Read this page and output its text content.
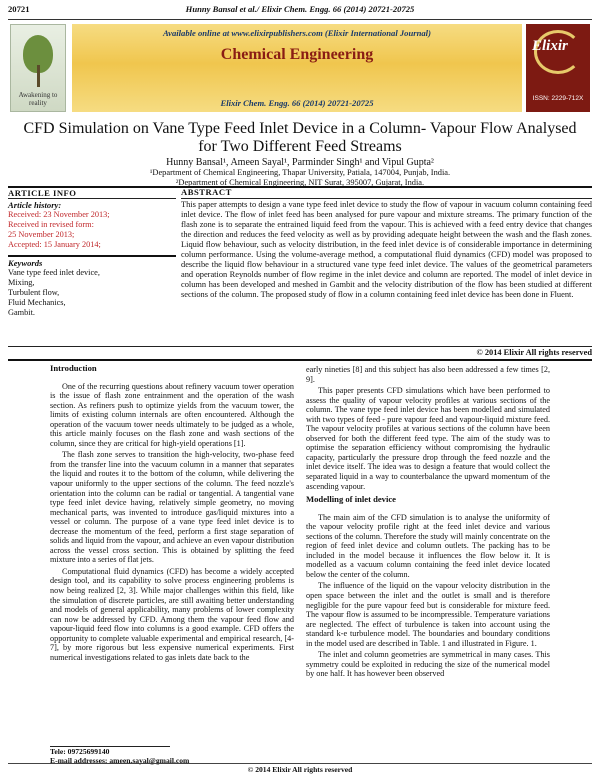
20721	Hunny Bansal et al./ Elixir Chem. Engg. 66 (2014) 20721-20725
Awakening to reality
Available online at www.elixirpublishers.com (Elixir International Journal)
Chemical Engineering
Elixir Chem. Engg. 66 (2014) 20721-20725
Elixir
ISSN: 2229-712X
CFD Simulation on Vane Type Feed Inlet Device in a Column- Vapour Flow Analysed for Two Different Feed Streams
Hunny Bansal¹, Ameen Sayal¹, Parminder Singh¹ and Vipul Gupta²
¹Department of Chemical Engineering, Thapar University, Patiala, 147004, Punjab, India.
²Department of Chemical Engineering, NIT Surat, 395007, Gujarat, India.
ARTICLE INFO
Article history:
Received: 23 November 2013;
Received in revised form:
25 November 2013;
Accepted: 15 January 2014;
Keywords
Vane type feed inlet device,
Mixing,
Turbulent flow,
Fluid Mechanics,
Gambit.
ABSTRACT
This paper attempts to design a vane type feed inlet device to study the flow of vapour in vacuum column containing feed inlet device. The flow of inlet feed has been analysed for pure vapour and mixture streams. The primary function of the flash zone is to separate the entrained liquid feed from the vapour. This is achieved with a feed entry device that changes the direction and reduces the feed velocity as well as by providing adequate height between the wash and the flash zones. Liquid flow behaviour, such as velocity distribution, in the feed inlet device is of considerable importance in determining column performance. Using the volume-average method, a computational fluid dynamics (CFD) model was proposed to describe the liquid flow behaviour in a structured vane type feed inlet device. The values of the geometrical parameters and operation Reynolds number of flow regime in the inlet device and column are reported. The model of inlet device in column has been developed and meshed in Gambit and the velocity distribution of the flow has been studied at different sections of the column. The proposed study of flow in a column containing feed inlet device has been done in Fluent.
© 2014 Elixir All rights reserved
Introduction

One of the recurring questions about refinery vacuum tower operation is the issue of flash zone entrainment and the operation of the wash section. As refiners push to optimize yields from the vacuum tower, the limits of existing column internals are often encountered. Although the operation of the vacuum tower needs ultimately to be judged as a whole, this article mainly focuses on the flash zone and wash sections of the column, since they are critical for high-yield operations [1].

The flash zone serves to transition the high-velocity, two-phase feed from the transfer line into the vacuum column in a manner that separates the liquid and routes it to the bottom of the column, while delivering the vapour uniformly to the upper sections of the column. The feed nozzle's orientation into the column can be radial or tangential. A tangential vane type feed inlet device having, relatively simple geometry, no moving mechanical parts, was invented to introduce gas/liquid mixtures into a vessel or column. The purpose of a vane type feed inlet device is to decrease the momentum of the feed, perform a first stage separation of solids and liquid from the vapour, and achieve an even vapour distribution across the vessel cross section. This is obtained by splitting the feed mixture into a series of flat jets.

Computational fluid dynamics (CFD) has become a widely accepted design tool, and its capability to solve process engineering problems is now being realized [2, 3]. While major challenges within this field, like the simulation of discrete particles, are still awaiting better understanding and models of general applicability, many problems of lower complexity can now be addressed by CFD. Among them the vapour feed flow and vapour-liquid feed flow into columns is a good example. CFD offers the opportunity to complete valuable experimental and empirical research, [4-7], by more rigorous but less expensive numerical experiments. First numerical investigations related to gas inlets date back to the

early nineties [8] and this subject has also been addressed a few times [2, 9].

This paper presents CFD simulations which have been performed to assess the quality of vapour velocity profiles at various sections of the column. The vane type feed inlet device has been modelled and simulated with two types of feed - pure vapour feed and vapour-liquid mixture feed. The vapour velocity profiles at various sections of the column have been observed for both the different feed type. The aim of the study was to optimise the separation efficiency without compromising the hydraulic capacity, particularly the pressure drop through the feed nozzle and the inlet device itself. The idea was to design a feature that would collect the separated liquid in a way to counterbalance the upward momentum of the ascending vapour.

Modelling of inlet device

The main aim of the CFD simulation is to analyse the uniformity of the vapour velocity profile right at the feed inlet device and various sections of the column. Therefore the study will mainly concentrate on the region of feed inlet device and column outlets. The packing has to be included in the model because it influences the flow below it. It is modelled as a vacuum column containing the feed inlet device located below the center of the column.

The influence of the liquid on the vapour velocity distribution in the open space between the inlet and the outlet is small and is therefore negligible for the pure vapour feed but is considerable for mixture feed. The vapour flow is assumed to be incompressible. Temperature variations are neglected. The effect of turbulence is taken into account using the standard k-e turbulence model. The boundaries and boundary conditions in the model used are described in Table. 1 and illustrated in Figure. 1.

The inlet and column geometries are symmetrical in many cases. This symmetry could be exploited in reducing the size of the numerical model by one half. It has however been observed

Tele: 09725699140
E-mail addresses: ameen.sayal@gmail.com
© 2014 Elixir All rights reserved
